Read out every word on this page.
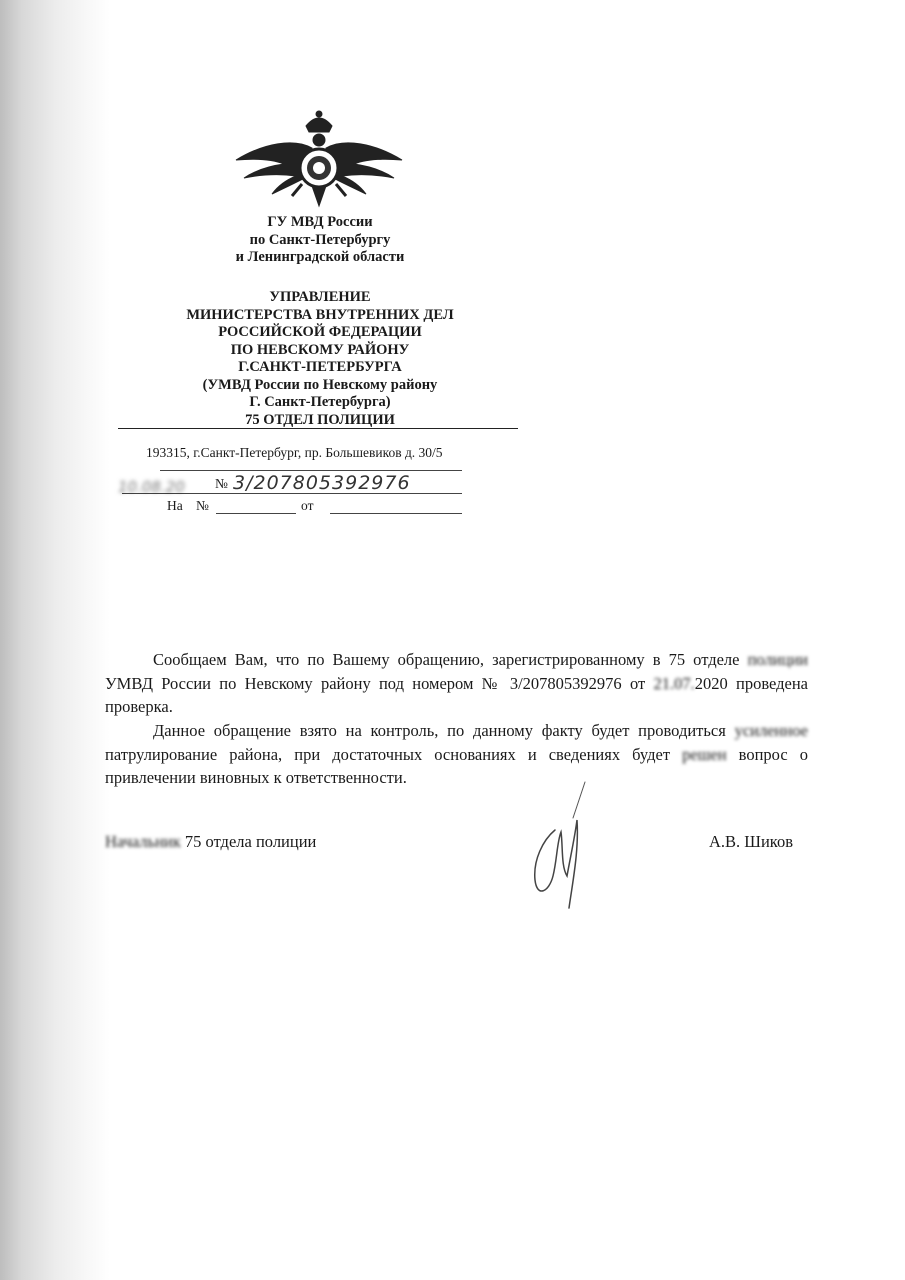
ГУ МВД России
по Санкт-Петербургу
и Ленинградской области
УПРАВЛЕНИЕ
МИНИСТЕРСТВА ВНУТРЕННИХ ДЕЛ
РОССИЙСКОЙ ФЕДЕРАЦИИ
ПО НЕВСКОМУ РАЙОНУ
Г.САНКТ-ПЕТЕРБУРГА
(УМВД России по Невскому району
Г. Санкт-Петербурга)
75 ОТДЕЛ ПОЛИЦИИ
193315, г.Санкт-Петербург, пр. Большевиков д. 30/5
10.08.20 № 3/207805392976
На №	от
Сообщаем Вам, что по Вашему обращению, зарегистрированному в 75 отделе полиции УМВД России по Невскому району под номером № 3/207805392976 от 21.07.2020 проведена проверка.
Данное обращение взято на контроль, по данному факту будет проводиться усиленное патрулирование района, при достаточных основаниях и сведениях будет решен вопрос о привлечении виновных к ответственности.
Начальник 75 отдела полиции	А.В. Шиков
